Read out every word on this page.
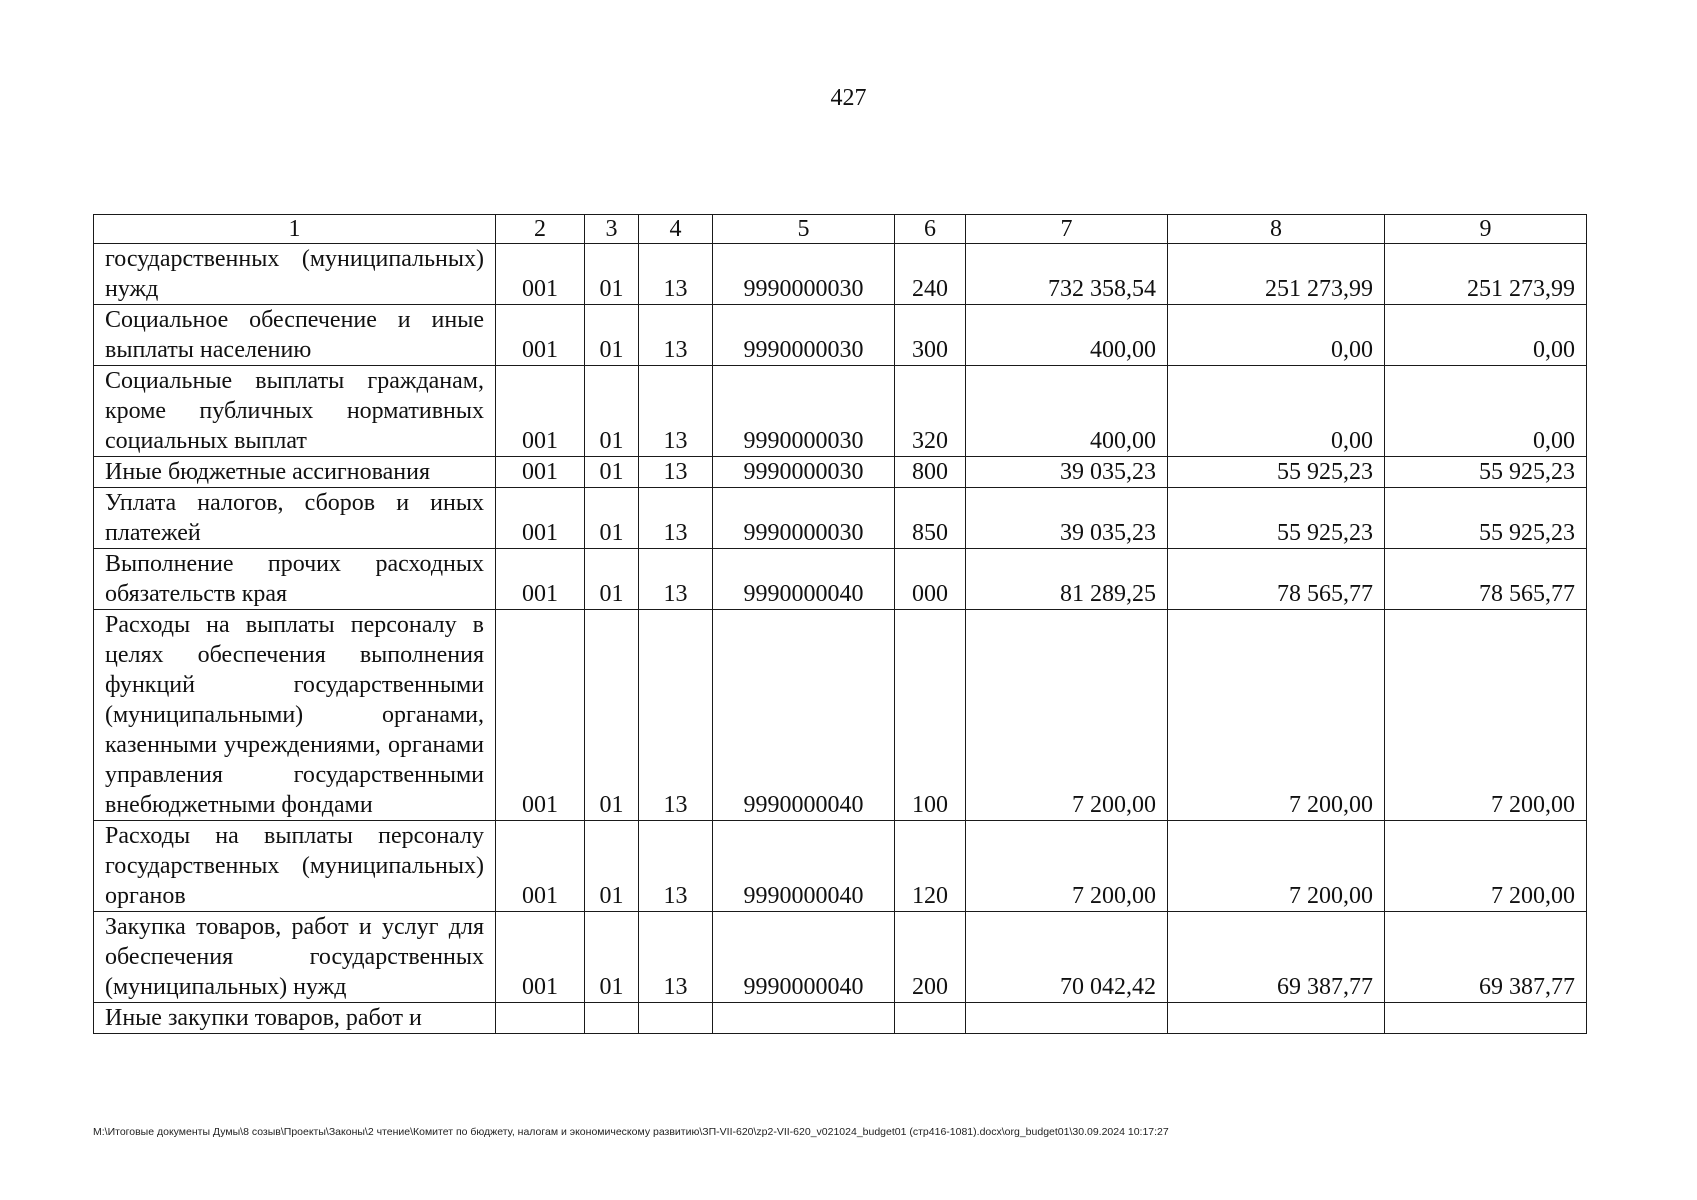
427
1	2	3	4	5	6	7	8	9
государственных (муниципальных) нужд	001	01	13	9990000030	240	732 358,54	251 273,99	251 273,99
Социальное обеспечение и иные выплаты населению	001	01	13	9990000030	300	400,00	0,00	0,00
Социальные выплаты гражданам, кроме публичных нормативных социальных выплат	001	01	13	9990000030	320	400,00	0,00	0,00
Иные бюджетные ассигнования	001	01	13	9990000030	800	39 035,23	55 925,23	55 925,23
Уплата налогов, сборов и иных платежей	001	01	13	9990000030	850	39 035,23	55 925,23	55 925,23
Выполнение прочих расходных обязательств края	001	01	13	9990000040	000	81 289,25	78 565,77	78 565,77
Расходы на выплаты персоналу в целях обеспечения выполнения функций государственными (муниципальными) органами, казенными учреждениями, органами управления государственными внебюджетными фондами	001	01	13	9990000040	100	7 200,00	7 200,00	7 200,00
Расходы на выплаты персоналу государственных (муниципальных) органов	001	01	13	9990000040	120	7 200,00	7 200,00	7 200,00
Закупка товаров, работ и услуг для обеспечения государственных (муниципальных) нужд	001	01	13	9990000040	200	70 042,42	69 387,77	69 387,77
Иные закупки товаров, работ и								
M:\Итоговые документы Думы\8 созыв\Проекты\Законы\2 чтение\Комитет по бюджету, налогам и экономическому развитию\ЗП-VII-620\zp2-VII-620_v021024_budget01 (стр416-1081).docx\org_budget01\30.09.2024 10:17:27
